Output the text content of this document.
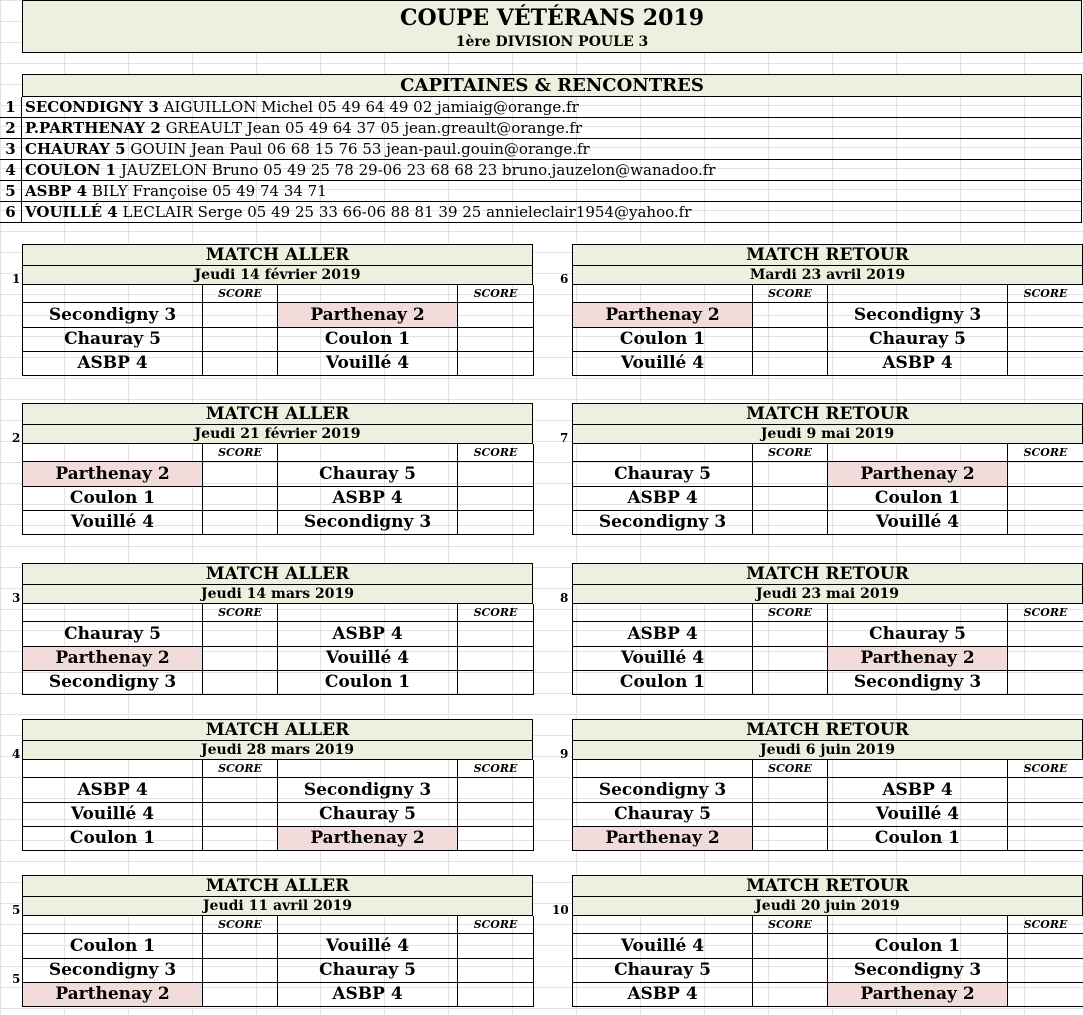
COUPE VÉTÉRANS 2019
1ère DIVISION POULE 3
CAPITAINES & RENCONTRES
1 SECONDIGNY 3 AIGUILLON Michel 05 49 64 49 02 jamiaig@orange.fr
2 P.PARTHENAY 2 GREAULT Jean 05 49 64 37 05 jean.greault@orange.fr
3 CHAURAY 5 GOUIN Jean Paul 06 68 15 76 53 jean-paul.gouin@orange.fr
4 COULON 1 JAUZELON Bruno 05 49 25 78 29-06 23 68 68 23 bruno.jauzelon@wanadoo.fr
5 ASBP 4 BILY Françoise 05 49 74 34 71
6 VOUILLÉ 4 LECLAIR Serge 05 49 25 33 66-06 88 81 39 25 annieleclair1954@yahoo.fr
MATCH ALLER
Jeudi 14 février 2019
SCORE	SCORE
Secondigny 3	Parthenay 2
Chauray 5	Coulon 1
ASBP 4	Vouillé 4
1
MATCH RETOUR
Mardi 23 avril 2019
SCORE	SCORE
Parthenay 2	Secondigny 3
Coulon 1	Chauray 5
Vouillé 4	ASBP 4
6
MATCH ALLER
Jeudi 21 février 2019
SCORE	SCORE
Parthenay 2	Chauray 5
Coulon 1	ASBP 4
Vouillé 4	Secondigny 3
2
MATCH RETOUR
Jeudi 9 mai 2019
SCORE	SCORE
Chauray 5	Parthenay 2
ASBP 4	Coulon 1
Secondigny 3	Vouillé 4
7
MATCH ALLER
Jeudi 14 mars 2019
SCORE	SCORE
Chauray 5	ASBP 4
Parthenay 2	Vouillé 4
Secondigny 3	Coulon 1
3
MATCH RETOUR
Jeudi 23 mai 2019
SCORE	SCORE
ASBP 4	Chauray 5
Vouillé 4	Parthenay 2
Coulon 1	Secondigny 3
8
MATCH ALLER
Jeudi 28 mars 2019
SCORE	SCORE
ASBP 4	Secondigny 3
Vouillé 4	Chauray 5
Coulon 1	Parthenay 2
4
MATCH RETOUR
Jeudi 6 juin 2019
SCORE	SCORE
Secondigny 3	ASBP 4
Chauray 5	Vouillé 4
Parthenay 2	Coulon 1
9
MATCH ALLER
Jeudi 11 avril 2019
SCORE	SCORE
Coulon 1	Vouillé 4
Secondigny 3	Chauray 5
Parthenay 2	ASBP 4
5
5
MATCH RETOUR
Jeudi 20 juin 2019
SCORE	SCORE
Vouillé 4	Coulon 1
Chauray 5	Secondigny 3
ASBP 4	Parthenay 2
10
